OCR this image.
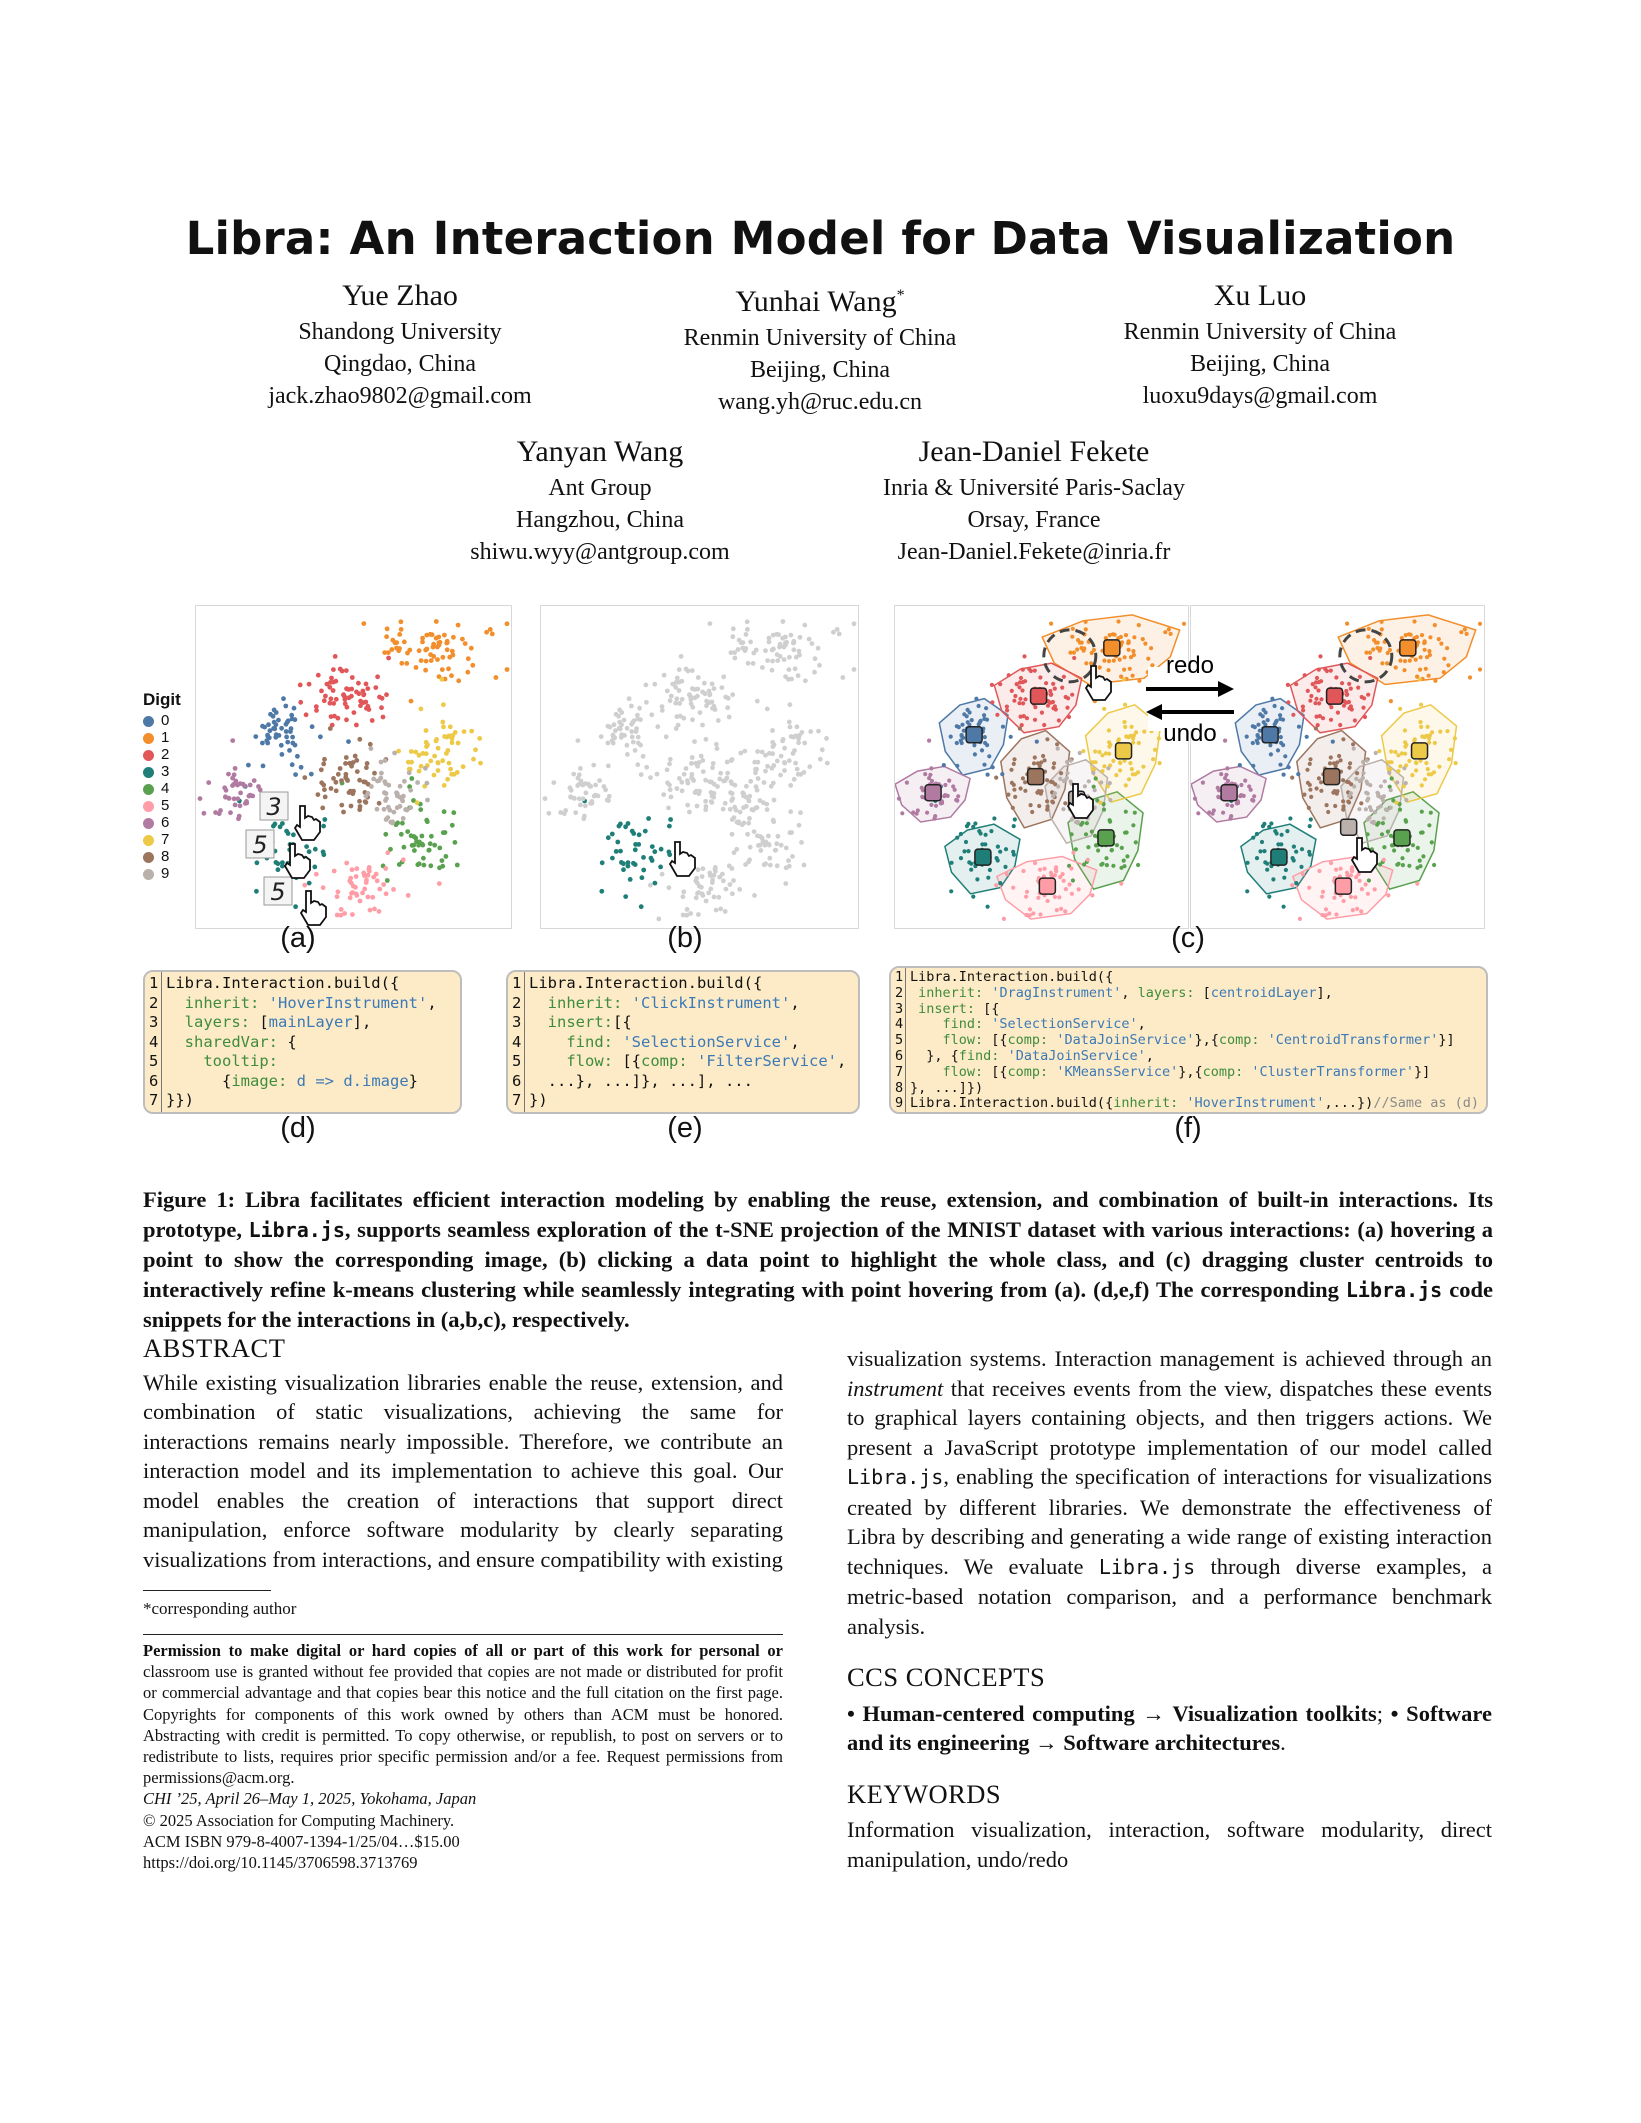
Libra: An Interaction Model for Data Visualization
Yue Zhao
Shandong University
Qingdao, China
jack.zhao9802@gmail.com
Yunhai Wang*
Renmin University of China
Beijing, China
wang.yh@ruc.edu.cn
Xu Luo
Renmin University of China
Beijing, China
luoxu9days@gmail.com
Yanyan Wang
Ant Group
Hangzhou, China
shiwu.wyy@antgroup.com
Jean-Daniel Fekete
Inria & Université Paris-Saclay
Orsay, France
Jean-Daniel.Fekete@inria.fr
3
5
5
Digit
0
1
2
3
4
5
6
7
8
9
(a)	(b)
redo
undo
(c)
1 Libra.Interaction.build({
2	inherit: 'HoverInstrument',
3	layers: [mainLayer],
4	sharedVar: {
5	tooltip:
6 {image: d => d.image}
7 }})
(d)
1 Libra.Interaction.build({
2	inherit: 'ClickInstrument',
3	insert:[{
4	find: 'SelectionService',
5	flow: [{comp: 'FilterService',
6 ...}, ...]}, ...], ...
7 })
(e)
1 Libra.Interaction.build({
2	inherit: 'DragInstrument', layers: [centroidLayer],
3	insert: [{
4	find: 'SelectionService',
5	flow: [{comp: 'DataJoinService'},{comp: 'CentroidTransformer'}]
6 }, {find: 'DataJoinService',
7	flow: [{comp: 'KMeansService'},{comp: 'ClusterTransformer'}]
8 }, ...]})
9 Libra.Interaction.build({inherit: 'HoverInstrument',...})//Same as (d)
(f)
Figure 1: Libra facilitates efficient interaction modeling by enabling the reuse, extension, and combination of built-in interactions. Its prototype, Libra.js, supports seamless exploration of the t-SNE projection of the MNIST dataset with various interactions: (a) hovering a point to show the corresponding image, (b) clicking a data point to highlight the whole class, and (c) dragging cluster centroids to interactively refine k-means clustering while seamlessly integrating with point hovering from (a). (d,e,f) The corresponding Libra.js code snippets for the interactions in (a,b,c), respectively.
ABSTRACT
While existing visualization libraries enable the reuse, extension, and combination of static visualizations, achieving the same for interactions remains nearly impossible. Therefore, we contribute an interaction model and its implementation to achieve this goal. Our model enables the creation of interactions that support direct manipulation, enforce software modularity by clearly separating visualizations from interactions, and ensure compatibility with existing
*corresponding author
Permission to make digital or hard copies of all or part of this work for personal or classroom use is granted without fee provided that copies are not made or distributed for profit or commercial advantage and that copies bear this notice and the full citation on the first page. Copyrights for components of this work owned by others than ACM must be honored. Abstracting with credit is permitted. To copy otherwise, or republish, to post on servers or to redistribute to lists, requires prior specific permission and/or a fee. Request permissions from permissions@acm.org.
CHI ’25, April 26–May 1, 2025, Yokohama, Japan
© 2025 Association for Computing Machinery.
ACM ISBN 979-8-4007-1394-1/25/04…$15.00
https://doi.org/10.1145/3706598.3713769
visualization systems. Interaction management is achieved through an instrument that receives events from the view, dispatches these events to graphical layers containing objects, and then triggers actions. We present a JavaScript prototype implementation of our model called Libra.js, enabling the specification of interactions for visualizations created by different libraries. We demonstrate the effectiveness of Libra by describing and generating a wide range of existing interaction techniques. We evaluate Libra.js through diverse examples, a metric-based notation comparison, and a performance benchmark analysis.
CCS CONCEPTS
• Human-centered computing → Visualization toolkits; • Software and its engineering → Software architectures.
KEYWORDS
Information visualization, interaction, software modularity, direct manipulation, undo/redo
